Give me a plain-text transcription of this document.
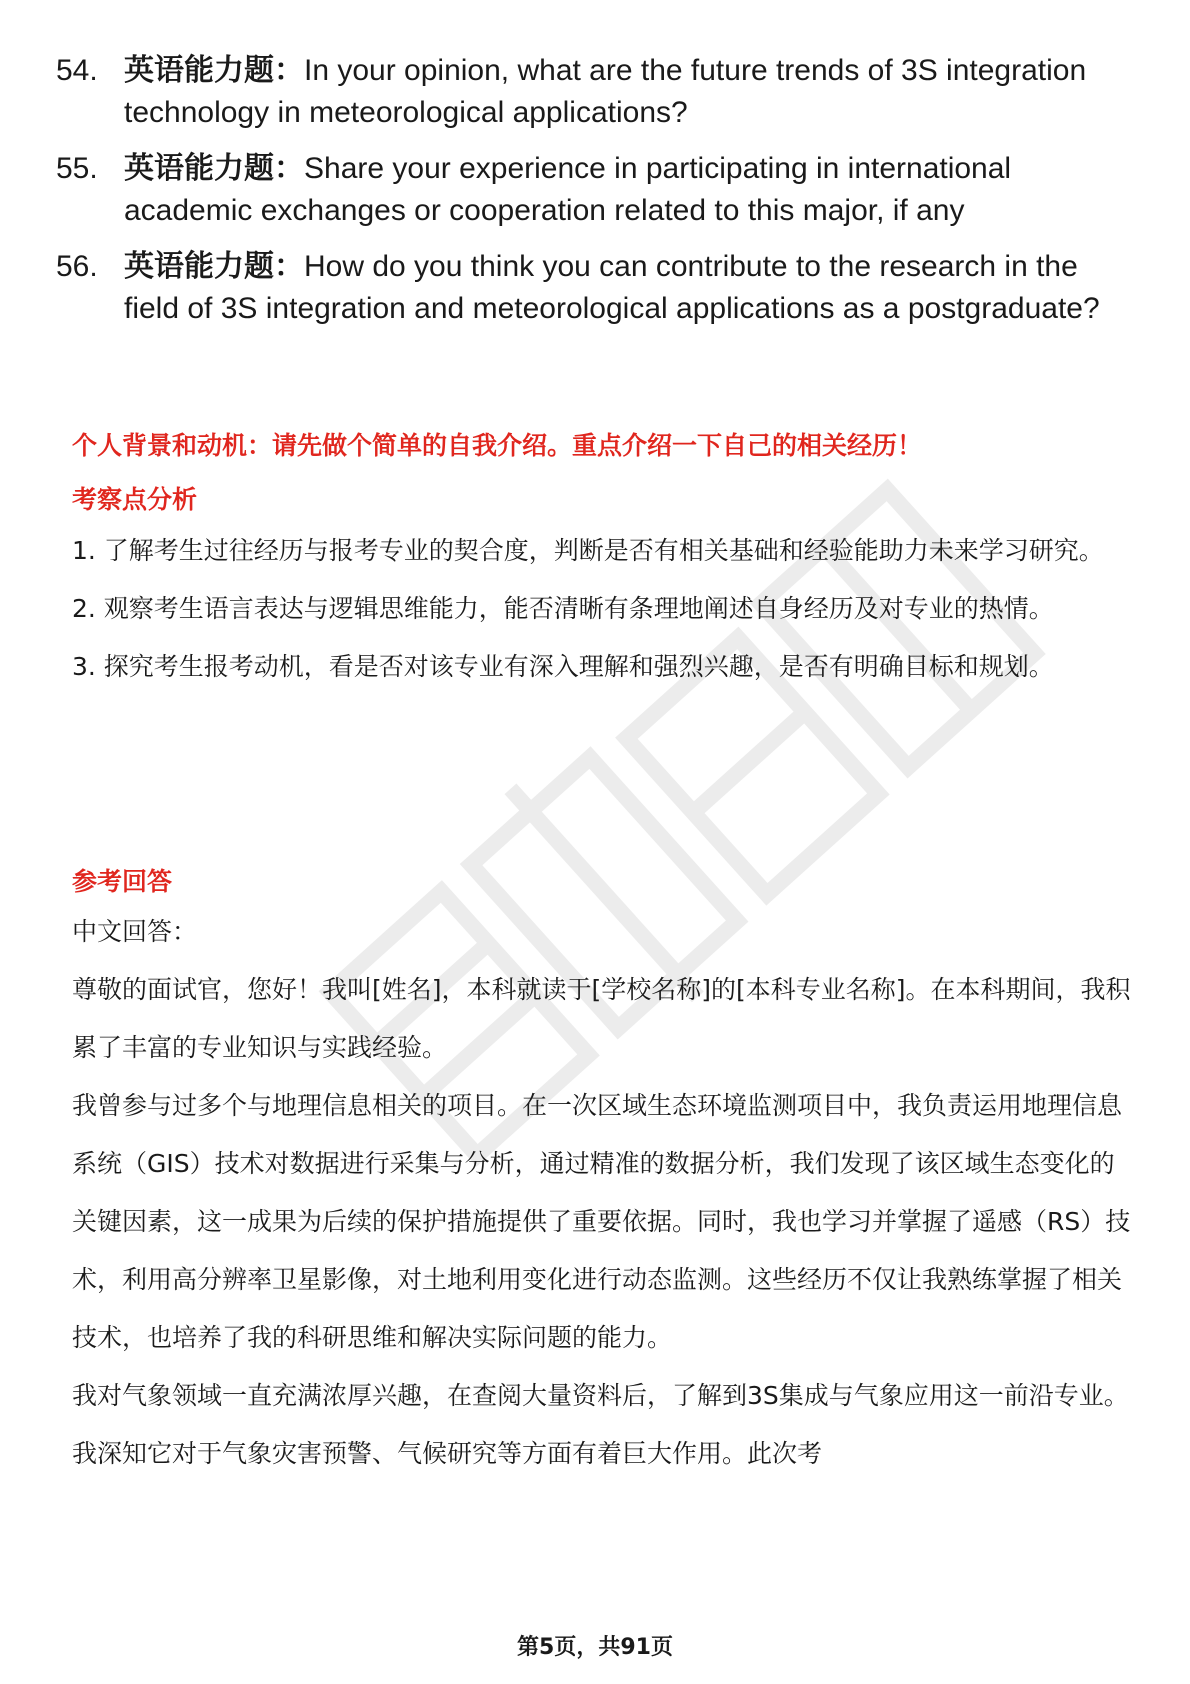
54. 英语能力题：In your opinion, what are the future trends of 3S integration technology in meteorological applications?
55. 英语能力题：Share your experience in participating in international academic exchanges or cooperation related to this major, if any
56. 英语能力题：How do you think you can contribute to the research in the field of 3S integration and meteorological applications as a postgraduate?

个人背景和动机：请先做个简单的自我介绍。重点介绍一下自己的相关经历！

考察点分析

1. 了解考生过往经历与报考专业的契合度，判断是否有相关基础和经验能助力未来学习研究。

2. 观察考生语言表达与逻辑思维能力，能否清晰有条理地阐述自身经历及对专业的热情。

3. 探究考生报考动机，看是否对该专业有深入理解和强烈兴趣，是否有明确目标和规划。

参考回答

中文回答：

尊敬的面试官，您好！我叫[姓名]，本科就读于[学校名称]的[本科专业名称]。在本科期间，我积累了丰富的专业知识与实践经验。

我曾参与过多个与地理信息相关的项目。在一次区域生态环境监测项目中，我负责运用地理信息系统（GIS）技术对数据进行采集与分析，通过精准的数据分析，我们发现了该区域生态变化的关键因素，这一成果为后续的保护措施提供了重要依据。同时，我也学习并掌握了遥感（RS）技术，利用高分辨率卫星影像，对土地利用变化进行动态监测。这些经历不仅让我熟练掌握了相关技术，也培养了我的科研思维和解决实际问题的能力。

我对气象领域一直充满浓厚兴趣，在查阅大量资料后，了解到3S集成与气象应用这一前沿专业。我深知它对于气象灾害预警、气候研究等方面有着巨大作用。此次考

第5页，共91页
